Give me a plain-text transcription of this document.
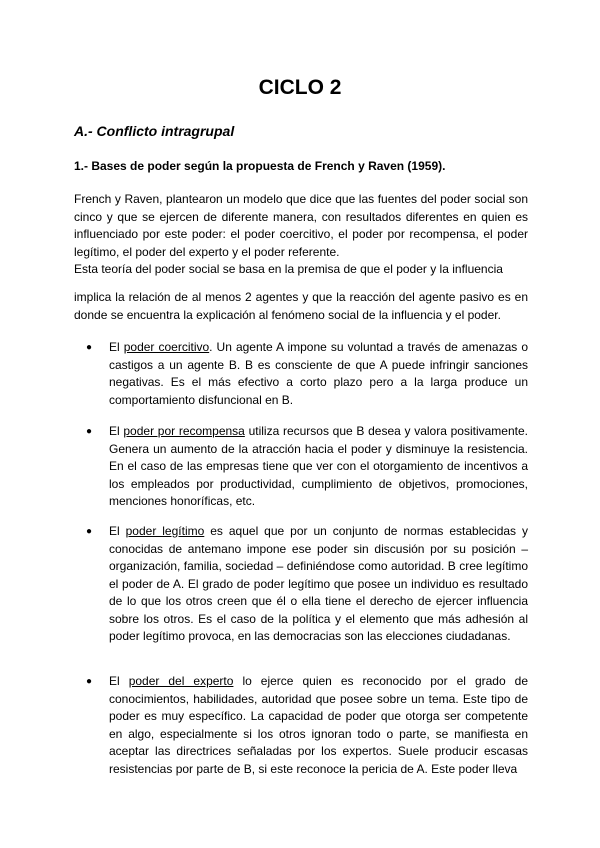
CICLO 2
A.- Conflicto intragrupal
1.- Bases de poder según la propuesta de French y Raven (1959).
French y Raven, plantearon un modelo que dice que las fuentes del poder social son cinco y que se ejercen de diferente manera, con resultados diferentes en quien es influenciado por este poder: el poder coercitivo, el poder por recompensa, el poder legítimo, el poder del experto y el poder referente.

Esta teoría del poder social se basa en la premisa de que el poder y la influencia
implica la relación de al menos 2 agentes y que la reacción del agente pasivo es en donde se encuentra la explicación al fenómeno social de la influencia y el poder.
● El poder coercitivo. Un agente A impone su voluntad a través de amenazas o castigos a un agente B. B es consciente de que A puede infringir sanciones negativas. Es el más efectivo a corto plazo pero a la larga produce un comportamiento disfuncional en B.
● El poder por recompensa utiliza recursos que B desea y valora positivamente. Genera un aumento de la atracción hacia el poder y disminuye la resistencia. En el caso de las empresas tiene que ver con el otorgamiento de incentivos a los empleados por productividad, cumplimiento de objetivos, promociones, menciones honoríficas, etc.
● El poder legítimo es aquel que por un conjunto de normas establecidas y conocidas de antemano impone ese poder sin discusión por su posición – organización, familia, sociedad – definiéndose como autoridad. B cree legítimo el poder de A. El grado de poder legítimo que posee un individuo es resultado de lo que los otros creen que él o ella tiene el derecho de ejercer influencia sobre los otros. Es el caso de la política y el elemento que más adhesión al poder legítimo provoca, en las democracias son las elecciones ciudadanas.
● El poder del experto lo ejerce quien es reconocido por el grado de conocimientos, habilidades, autoridad que posee sobre un tema. Este tipo de poder es muy específico. La capacidad de poder que otorga ser competente en algo, especialmente si los otros ignoran todo o parte, se manifiesta en aceptar las directrices señaladas por los expertos. Suele producir escasas resistencias por parte de B, si este reconoce la pericia de A. Este poder lleva
